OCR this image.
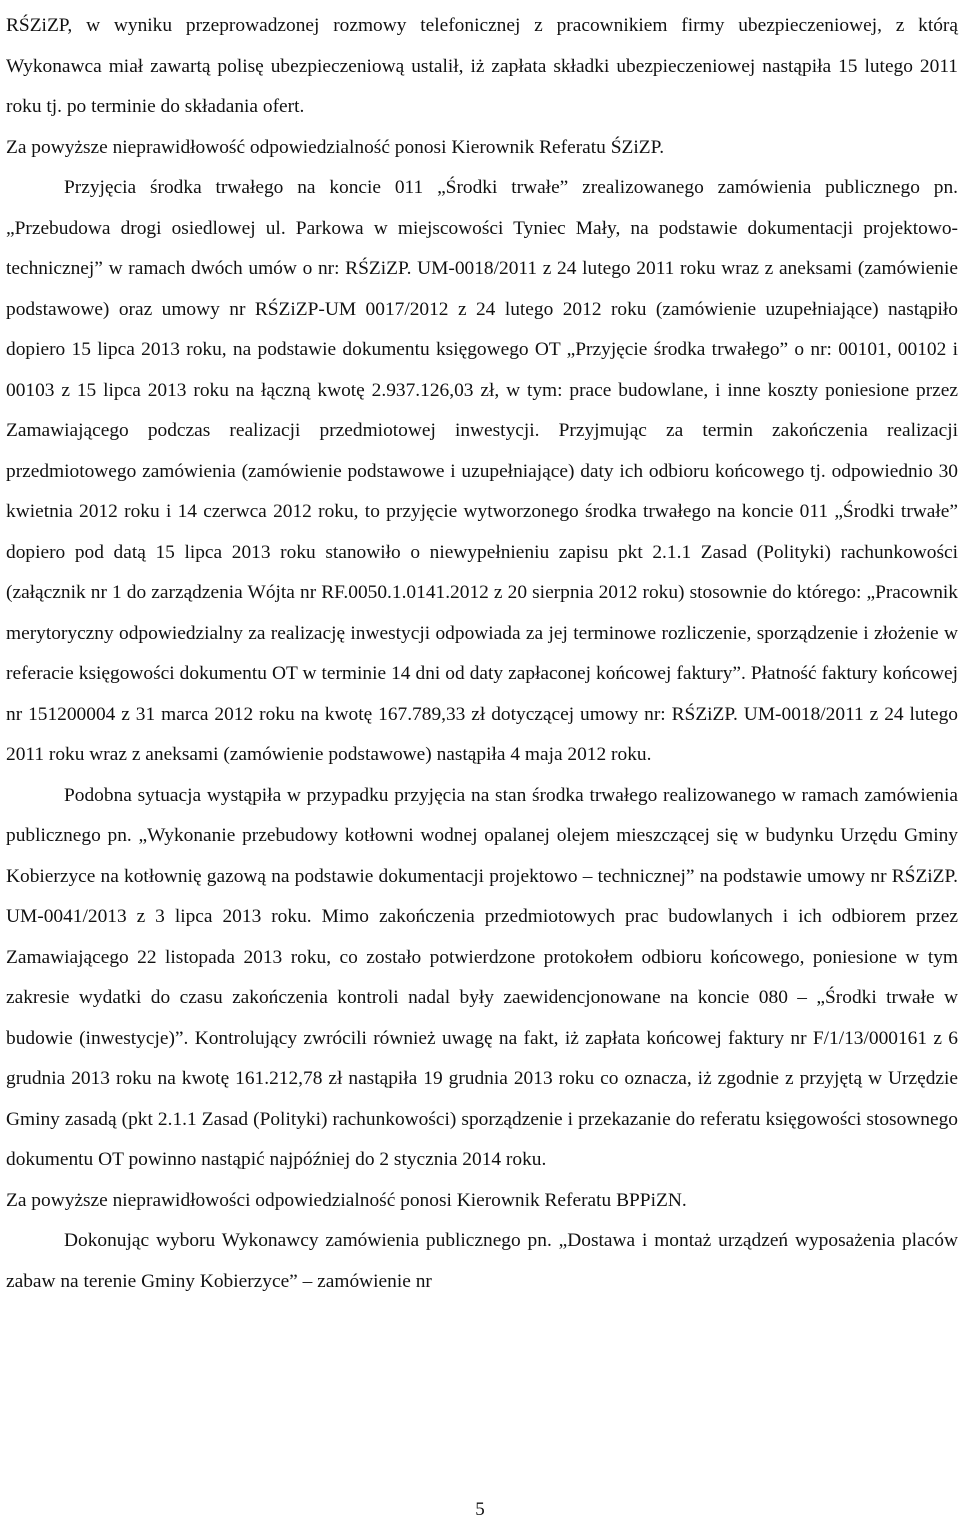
RŚZiZP, w wyniku przeprowadzonej rozmowy telefonicznej z pracownikiem firmy ubezpieczeniowej, z którą Wykonawca miał zawartą polisę ubezpieczeniową ustalił, iż zapłata składki ubezpieczeniowej nastąpiła 15 lutego 2011 roku tj. po terminie do składania ofert.

Za powyższe nieprawidłowość odpowiedzialność ponosi Kierownik Referatu ŚZiZP.

Przyjęcia środka trwałego na koncie 011 „Środki trwałe” zrealizowanego zamówienia publicznego pn. „Przebudowa drogi osiedlowej ul. Parkowa w miejscowości Tyniec Mały, na podstawie dokumentacji projektowo- technicznej” w ramach dwóch umów o nr: RŚZiZP. UM-0018/2011 z 24 lutego 2011 roku wraz z aneksami (zamówienie podstawowe) oraz umowy nr RŚZiZP-UM 0017/2012 z 24 lutego 2012 roku (zamówienie uzupełniające) nastąpiło dopiero 15 lipca 2013 roku, na podstawie dokumentu księgowego OT „Przyjęcie środka trwałego” o nr: 00101, 00102 i 00103 z 15 lipca 2013 roku na łączną kwotę 2.937.126,03 zł, w tym: prace budowlane, i inne koszty poniesione przez Zamawiającego podczas realizacji przedmiotowej inwestycji. Przyjmując za termin zakończenia realizacji przedmiotowego zamówienia (zamówienie podstawowe i uzupełniające) daty ich odbioru końcowego tj. odpowiednio 30 kwietnia 2012 roku i 14 czerwca 2012 roku, to przyjęcie wytworzonego środka trwałego na koncie 011 „Środki trwałe” dopiero pod datą 15 lipca 2013 roku stanowiło o niewypełnieniu zapisu pkt 2.1.1 Zasad (Polityki) rachunkowości (załącznik nr 1 do zarządzenia Wójta nr RF.0050.1.0141.2012 z 20 sierpnia 2012 roku) stosownie do którego: „Pracownik merytoryczny odpowiedzialny za realizację inwestycji odpowiada za jej terminowe rozliczenie, sporządzenie i złożenie w referacie księgowości dokumentu OT w terminie 14 dni od daty zapłaconej końcowej faktury”. Płatność faktury końcowej nr 151200004 z 31 marca 2012 roku na kwotę 167.789,33 zł dotyczącej umowy nr: RŚZiZP. UM-0018/2011 z 24 lutego 2011 roku wraz z aneksami (zamówienie podstawowe) nastąpiła 4 maja 2012 roku.

Podobna sytuacja wystąpiła w przypadku przyjęcia na stan środka trwałego realizowanego w ramach zamówienia publicznego pn. „Wykonanie przebudowy kotłowni wodnej opalanej olejem mieszczącej się w budynku Urzędu Gminy Kobierzyce na kotłownię gazową na podstawie dokumentacji projektowo – technicznej” na podstawie umowy nr RŚZiZP. UM-0041/2013 z 3 lipca 2013 roku. Mimo zakończenia przedmiotowych prac budowlanych i ich odbiorem przez Zamawiającego 22 listopada 2013 roku, co zostało potwierdzone protokołem odbioru końcowego, poniesione w tym zakresie wydatki do czasu zakończenia kontroli nadal były zaewidencjonowane na koncie 080 – „Środki trwałe w budowie (inwestycje)”. Kontrolujący zwrócili również uwagę na fakt, iż zapłata końcowej faktury nr F/1/13/000161 z 6 grudnia 2013 roku na kwotę 161.212,78 zł nastąpiła 19 grudnia 2013 roku co oznacza, iż zgodnie z przyjętą w Urzędzie Gminy zasadą (pkt 2.1.1 Zasad (Polityki) rachunkowości) sporządzenie i przekazanie do referatu księgowości stosownego dokumentu OT powinno nastąpić najpóźniej do 2 stycznia 2014 roku.

Za powyższe nieprawidłowości odpowiedzialność ponosi Kierownik Referatu BPPiZN.

Dokonując wyboru Wykonawcy zamówienia publicznego pn. „Dostawa i montaż urządzeń wyposażenia placów zabaw na terenie Gminy Kobierzyce” – zamówienie nr

5
